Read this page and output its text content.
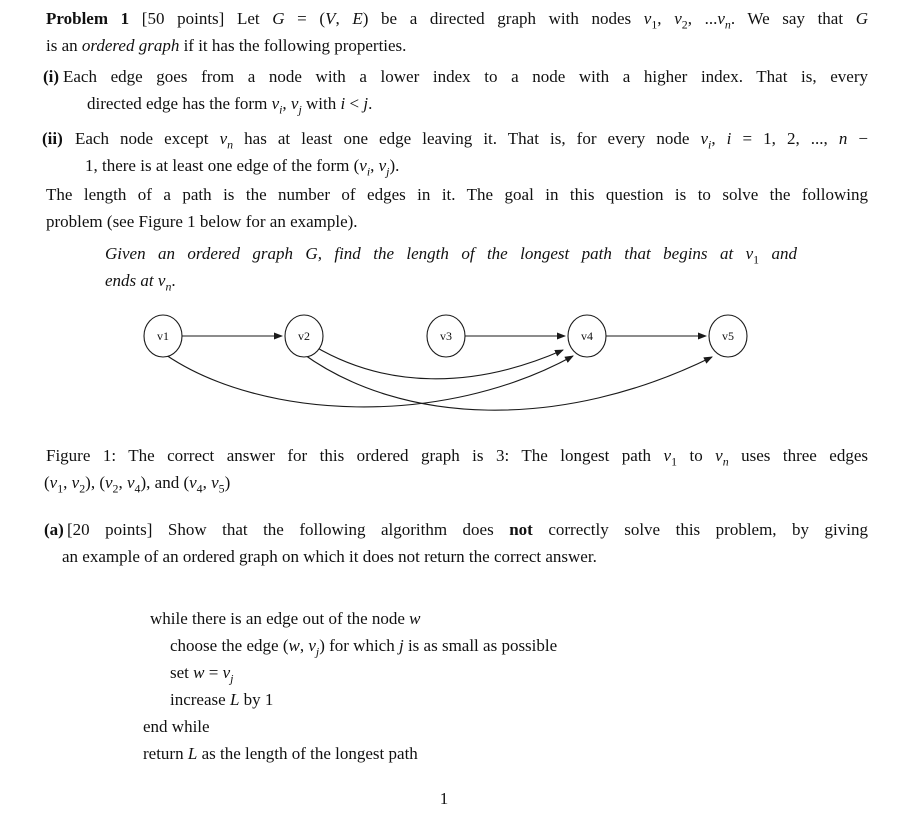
Problem 1 [50 points] Let G = (V, E) be a directed graph with nodes $v_1$, $v_2$, $...v_n$. We say that G
is an ordered graph if it has the following properties.
(i) Each edge goes from a node with a lower index to a node with a higher index. That is, every
directed edge has the form $v_i$, $v_j$ with i < j.
(ii) Each node except $v_n$ has at least one edge leaving it. That is, for every node $v_i$, i = 1, 2, ..., n −
1, there is at least one edge of the form ($v_i$, $v_j$).
The length of a path is the number of edges in it. The goal in this question is to solve the following
problem (see Figure 1 below for an example).
Given an ordered graph G, find the length of the longest path that begins at $v_1$ and
ends at $v_n$.
v1	v2	v3	v4	v5
Figure 1: The correct answer for this ordered graph is 3: The longest path $v_1$ to $v_n$ uses three edges
($v_1$, $v_2$), ($v_2$, $v_4$), and ($v_4$, $v_5$)
(a) [20 points] Show that the following algorithm does not correctly solve this problem, by giving
an example of an ordered graph on which it does not return the correct answer.
while there is an edge out of the node w
choose the edge (w, $v_j$) for which j is as small as possible
set $w = v_j$
increase L by 1
end while
return L as the length of the longest path
1
